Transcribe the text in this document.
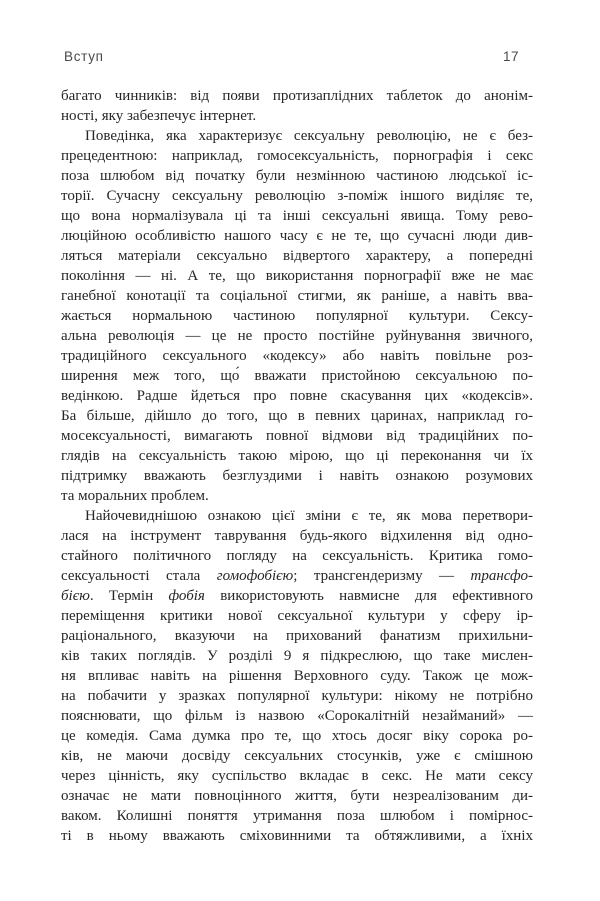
Вступ	17
багато чинників: від появи протизаплідних таблеток до анонім-
ності, яку забезпечує інтернет.
Поведінка, яка характеризує сексуальну революцію, не є без-
прецедентною: наприклад, гомосексуальність, порнографія і секс
поза шлюбом від початку були незмінною частиною людської іс-
торії. Сучасну сексуальну революцію з-поміж іншого виділяє те,
що вона нормалізувала ці та інші сексуальні явища. Тому рево-
люційною особливістю нашого часу є не те, що сучасні люди див-
ляться матеріали сексуально відвертого характеру, а попередні
покоління — ні. А те, що використання порнографії вже не має
ганебної конотації та соціальної стигми, як раніше, а навіть вва-
жається нормальною частиною популярної культури. Сексу-
альна революція — це не просто постійне руйнування звичного,
традиційного сексуального «кодексу» або навіть повільне роз-
ширення меж того, що́ вважати пристойною сексуальною по-
ведінкою. Радше йдеться про повне скасування цих «кодексів».
Ба більше, дійшло до того, що в певних царинах, наприклад го-
мосексуальності, вимагають повної відмови від традиційних по-
глядів на сексуальність такою мірою, що ці переконання чи їх
підтримку вважають безглуздими і навіть ознакою розумових
та моральних проблем.
Найочевиднішою ознакою цієї зміни є те, як мова перетвори-
лася на інструмент таврування будь-якого відхилення від одно-
стайного політичного погляду на сексуальність. Критика гомо-
сексуальності стала гомофобією; трансгендеризму — трансфо-
бією. Термін фобія використовують навмисне для ефективного
переміщення критики нової сексуальної культури у сферу ір-
раціонального, вказуючи на прихований фанатизм прихильни-
ків таких поглядів. У розділі 9 я підкреслюю, що таке мислен-
ня впливає навіть на рішення Верховного суду. Також це мож-
на побачити у зразках популярної культури: нікому не потрібно
пояснювати, що фільм із назвою «Сорокалітній незайманий» —
це комедія. Сама думка про те, що хтось досяг віку сорока ро-
ків, не маючи досвіду сексуальних стосунків, уже є смішною
через цінність, яку суспільство вкладає в секс. Не мати сексу
означає не мати повноцінного життя, бути незреалізованим ди-
ваком. Колишні поняття утримання поза шлюбом і помірнос-
ті в ньому вважають сміховинними та обтяжливими, а їхніх
